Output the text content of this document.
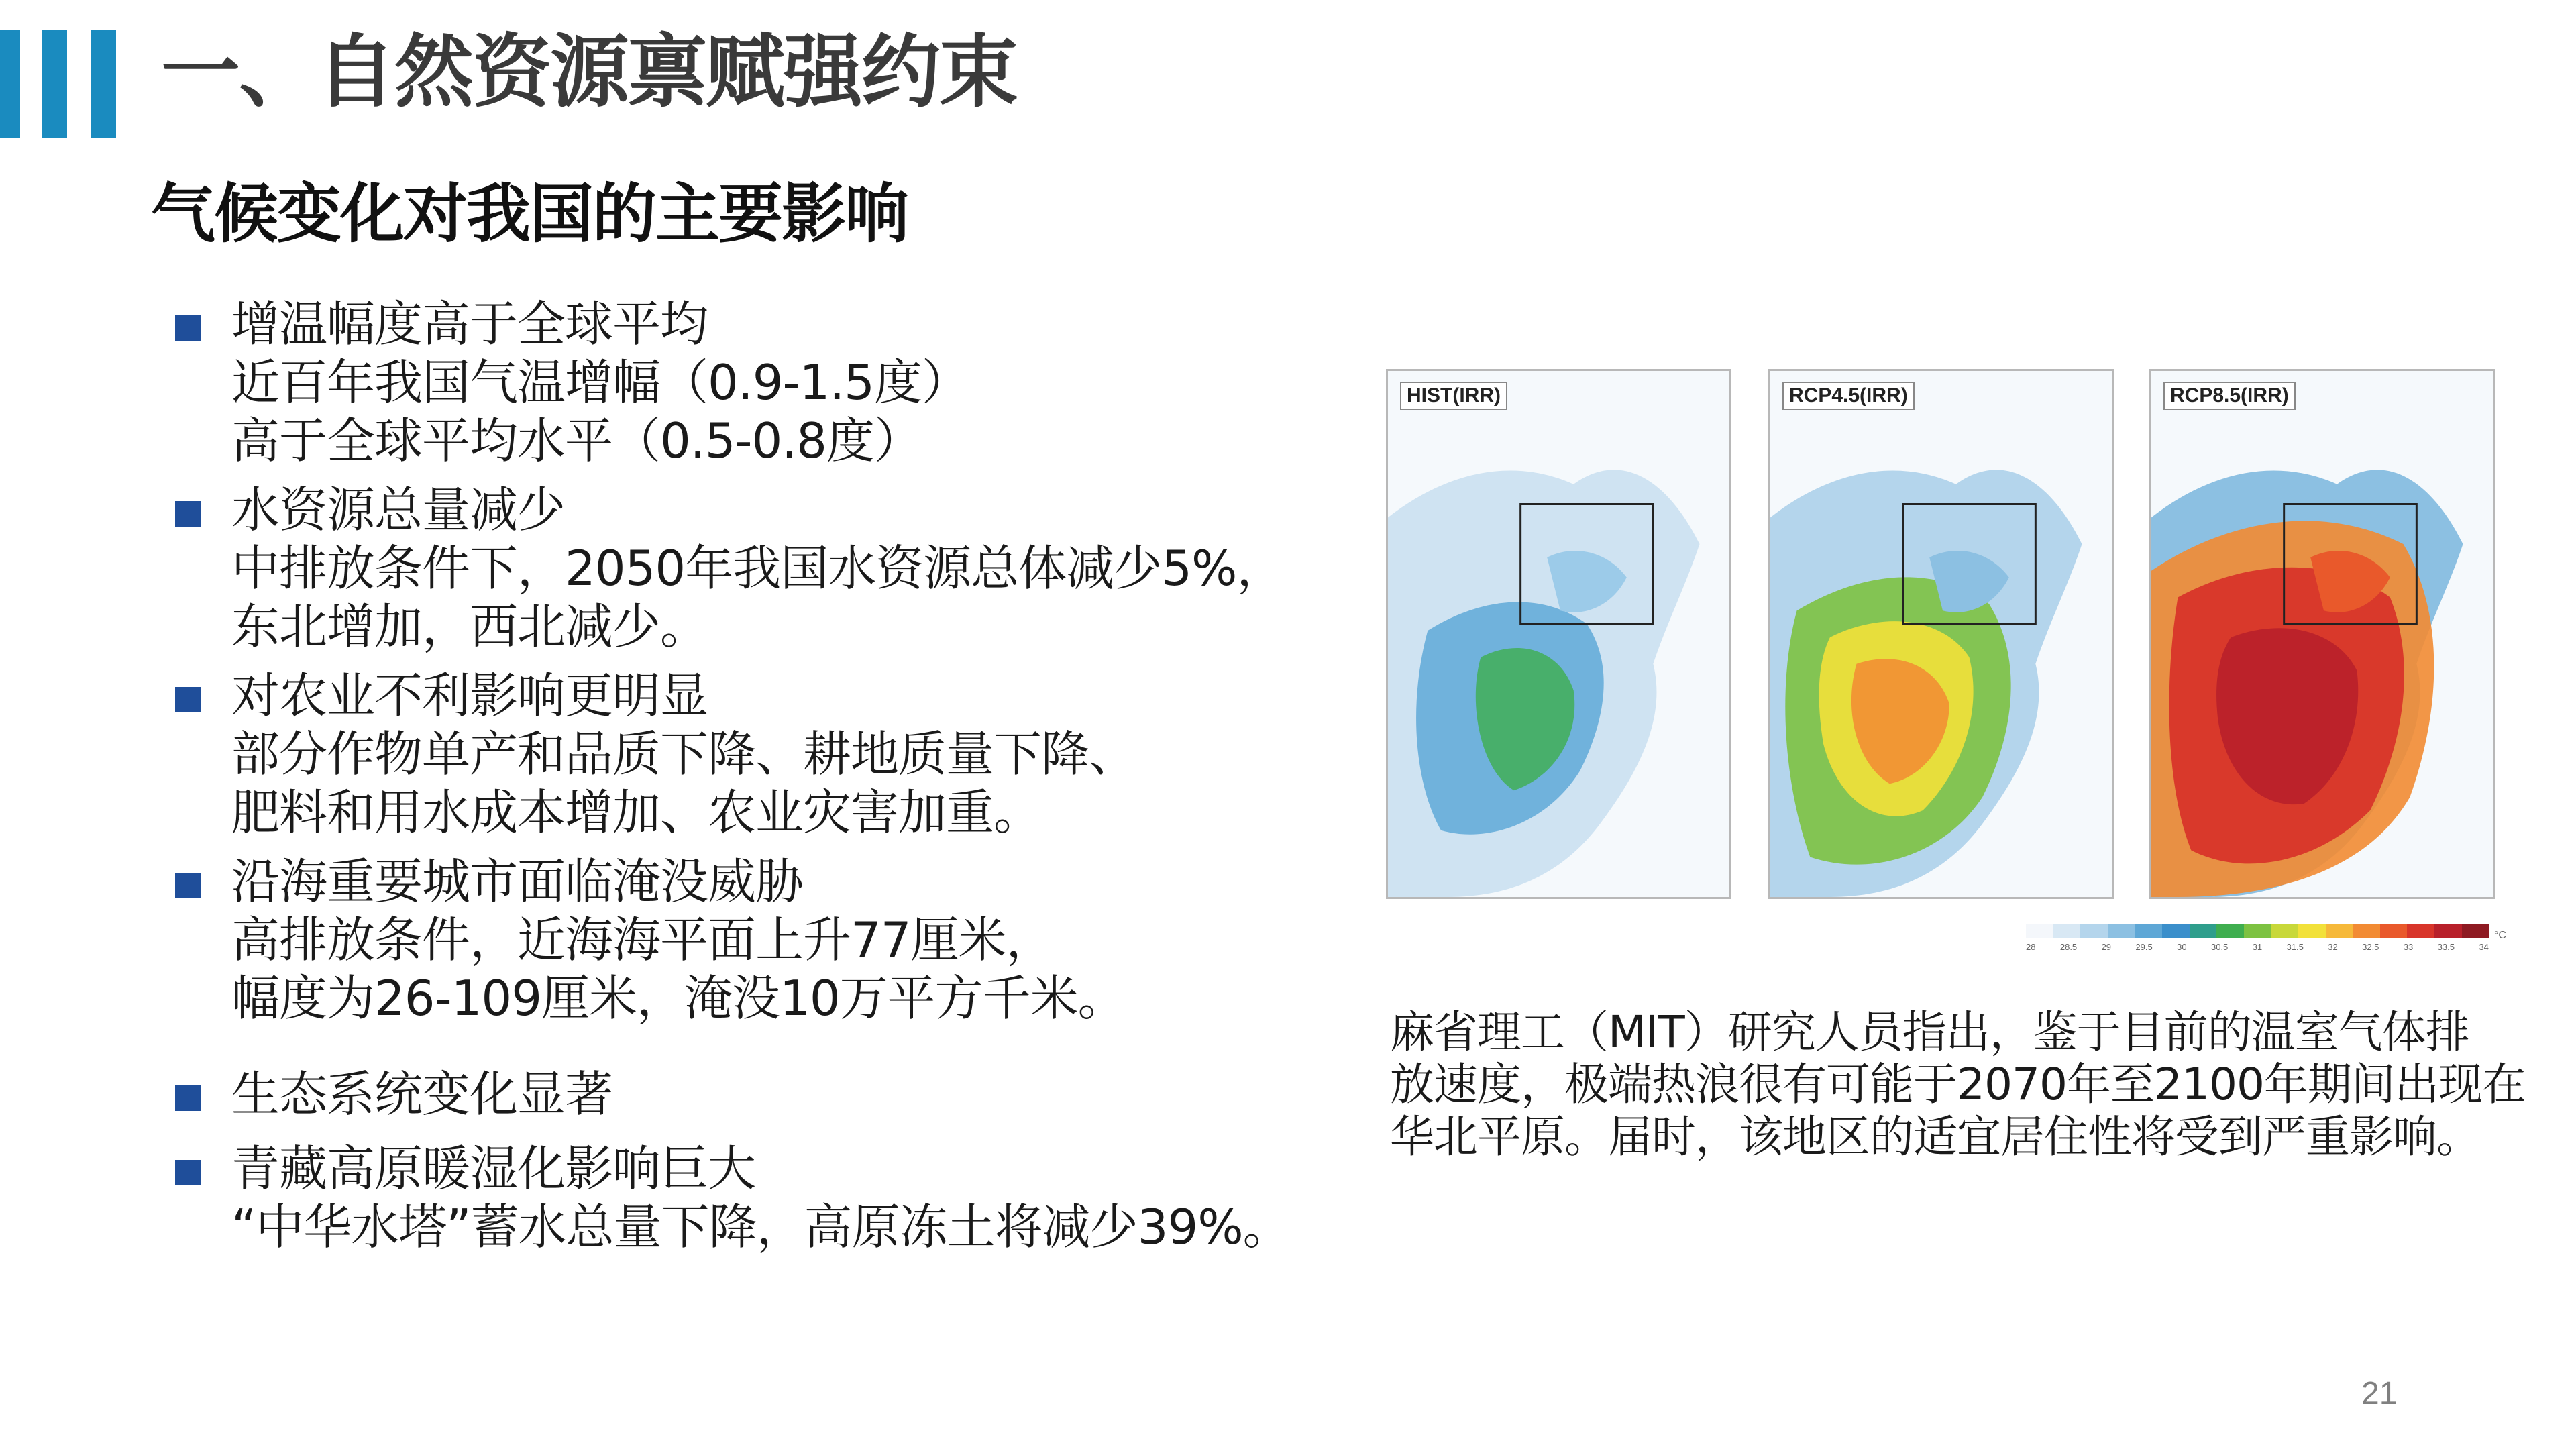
一、自然资源禀赋强约束
气候变化对我国的主要影响
增温幅度高于全球平均
近百年我国气温增幅（0.9-1.5度）
高于全球平均水平（0.5-0.8度）
水资源总量减少
中排放条件下，2050年我国水资源总体减少5%，
东北增加，西北减少。
对农业不利影响更明显
部分作物单产和品质下降、耕地质量下降、
肥料和用水成本增加、农业灾害加重。
沿海重要城市面临淹没威胁
高排放条件，近海海平面上升77厘米，
幅度为26-109厘米，淹没10万平方千米。
生态系统变化显著
青藏高原暖湿化影响巨大
“中华水塔”蓄水总量下降，高原冻土将减少39%。
HIST(IRR)	RCP4.5(IRR)	RCP8.5(IRR)
28	28.5	29	29.5	30	30.5	31	31.5	32	32.5	33	33.5	34
°C
麻省理工（MIT）研究人员指出，鉴于目前的温室气体排
放速度，极端热浪很有可能于2070年至2100年期间出现在
华北平原。届时，该地区的适宜居住性将受到严重影响。
21
